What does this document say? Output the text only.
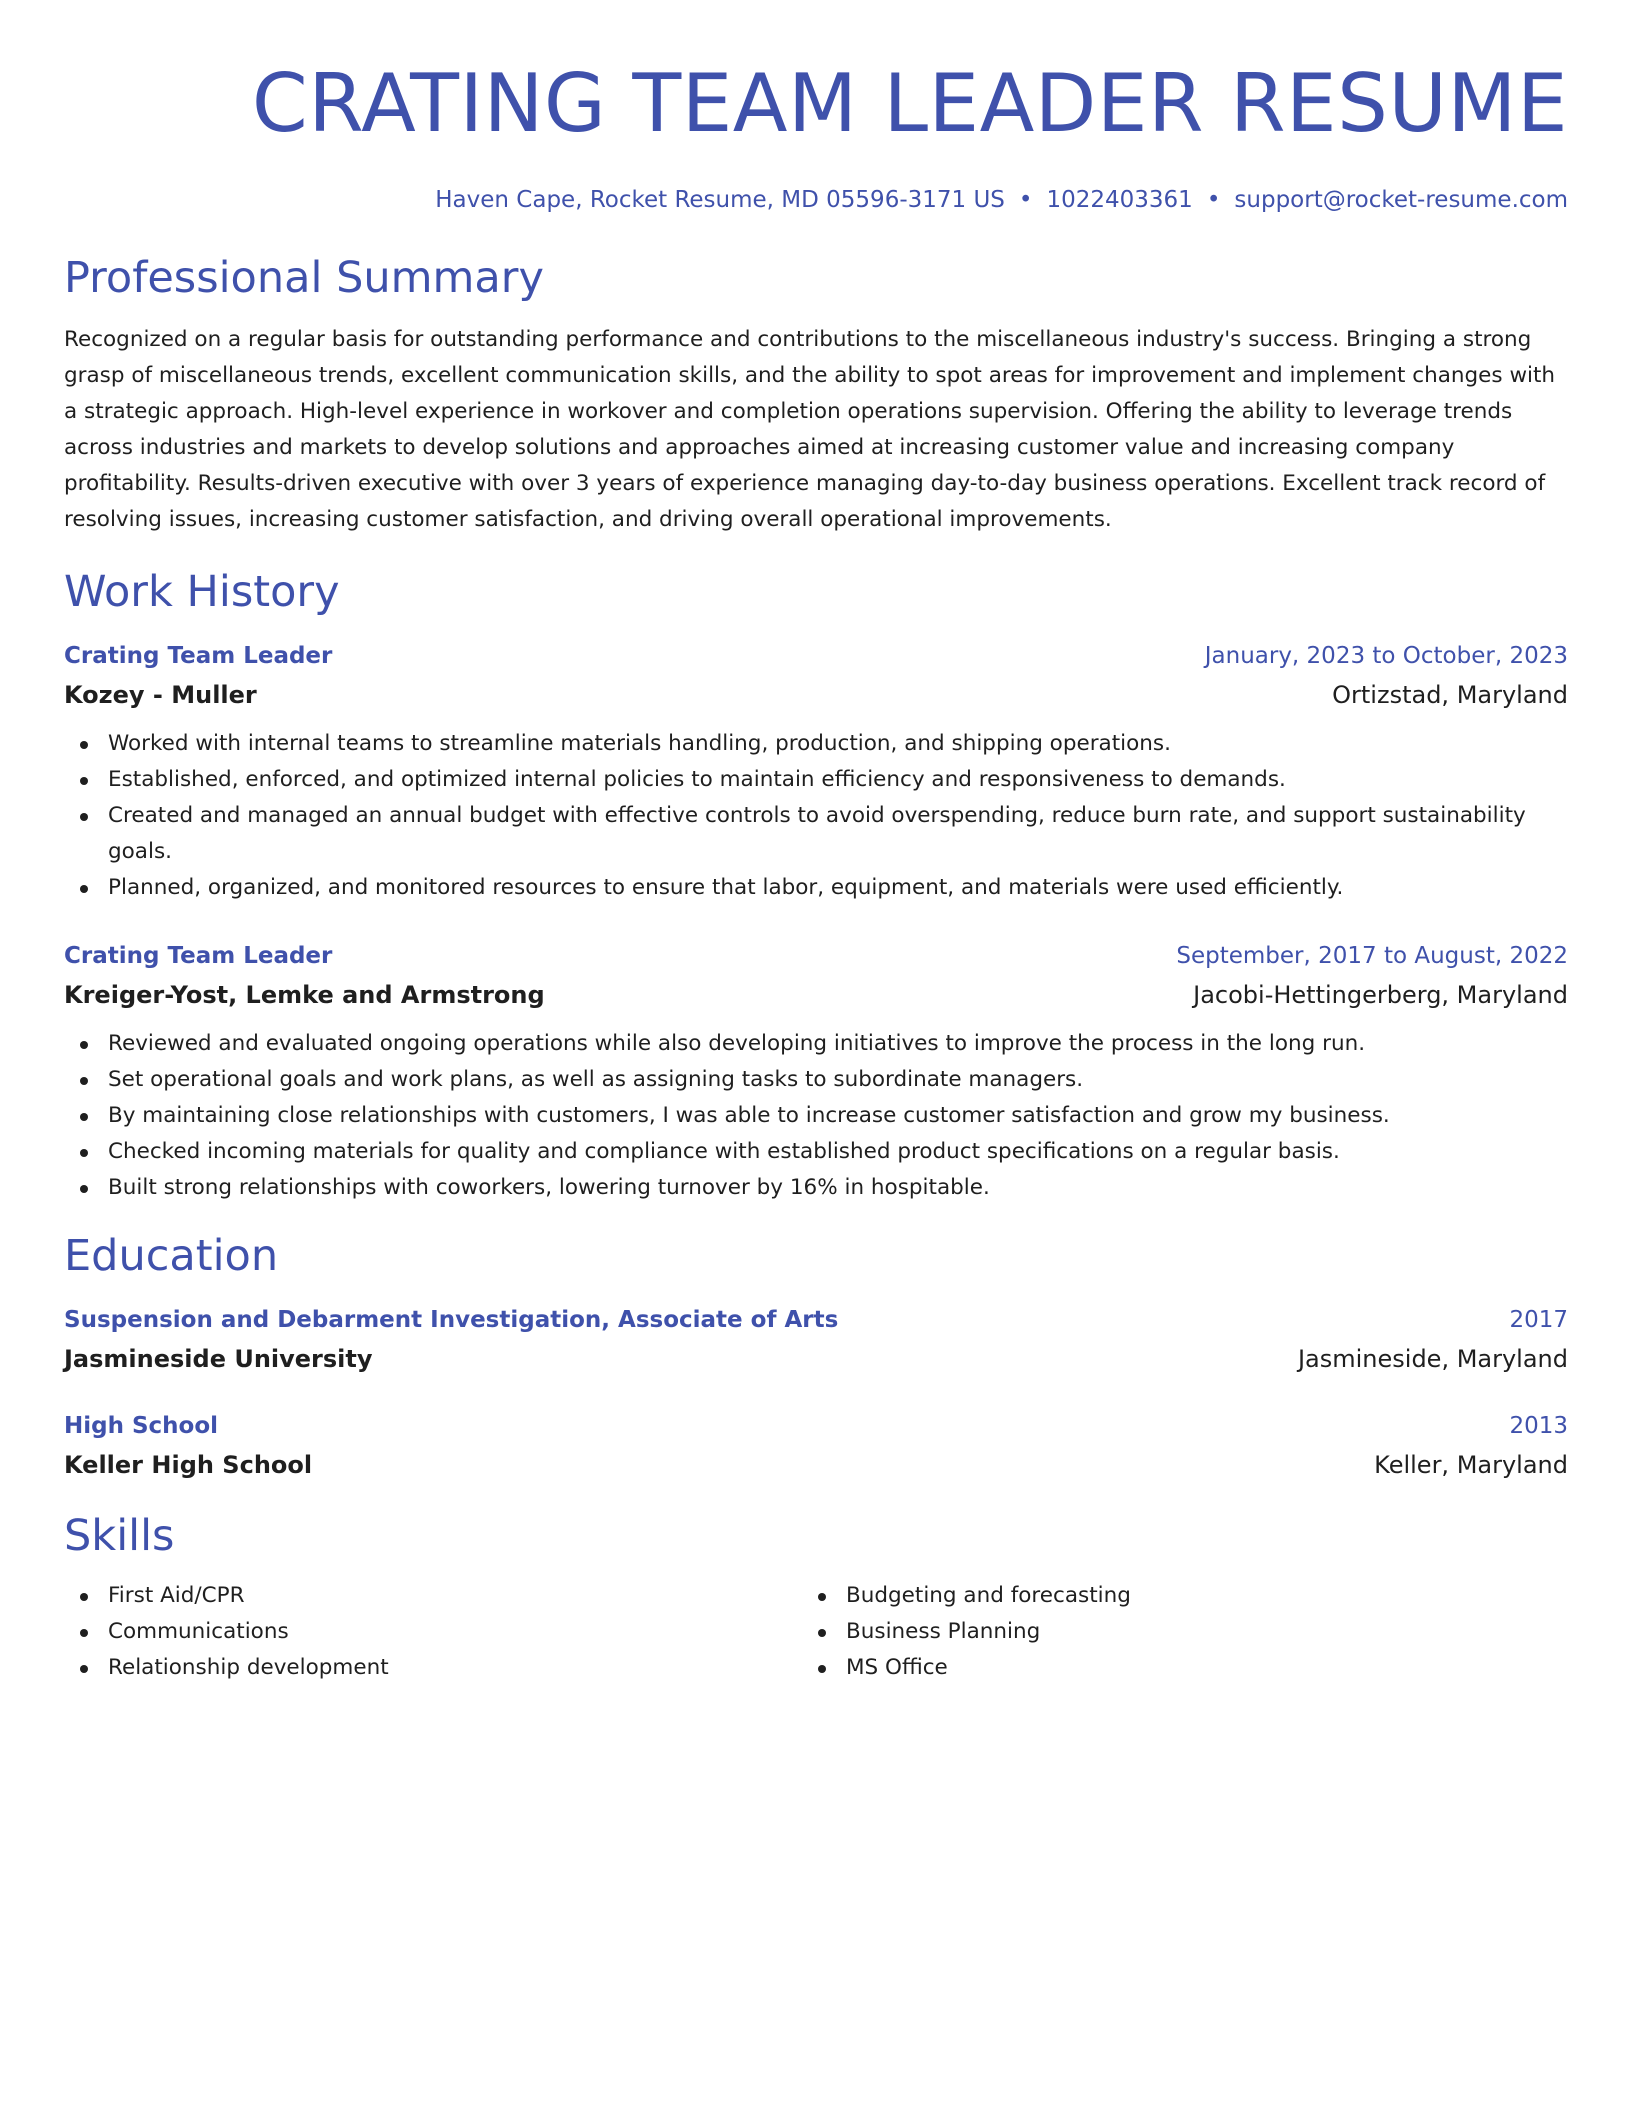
CRATING TEAM LEADER RESUME
Haven Cape, Rocket Resume, MD 05596-3171 US • 1022403361 • support@rocket-resume.com
Professional Summary

Recognized on a regular basis for outstanding performance and contributions to the miscellaneous industry's success. Bringing a strong grasp of miscellaneous trends, excellent communication skills, and the ability to spot areas for improvement and implement changes with a strategic approach. High-level experience in workover and completion operations supervision. Offering the ability to leverage trends across industries and markets to develop solutions and approaches aimed at increasing customer value and increasing company profitability. Results-driven executive with over 3 years of experience managing day-to-day business operations. Excellent track record of resolving issues, increasing customer satisfaction, and driving overall operational improvements.

Work History
Crating Team Leader	January, 2023 to October, 2023
Kozey - Muller	Ortizstad, Maryland
Worked with internal teams to streamline materials handling, production, and shipping operations.
Established, enforced, and optimized internal policies to maintain efficiency and responsiveness to demands.
Created and managed an annual budget with effective controls to avoid overspending, reduce burn rate, and support sustainability goals.
Planned, organized, and monitored resources to ensure that labor, equipment, and materials were used efficiently.
Crating Team Leader	September, 2017 to August, 2022
Kreiger-Yost, Lemke and Armstrong	Jacobi-Hettingerberg, Maryland
Reviewed and evaluated ongoing operations while also developing initiatives to improve the process in the long run.
Set operational goals and work plans, as well as assigning tasks to subordinate managers.
By maintaining close relationships with customers, I was able to increase customer satisfaction and grow my business.
Checked incoming materials for quality and compliance with established product specifications on a regular basis.
Built strong relationships with coworkers, lowering turnover by 16% in hospitable.
Education
Suspension and Debarment Investigation, Associate of Arts	2017
Jasmineside University	Jasmineside, Maryland
High School	2013
Keller High School	Keller, Maryland
Skills
First Aid/CPR
Communications
Relationship development
Budgeting and forecasting
Business Planning
MS Office
